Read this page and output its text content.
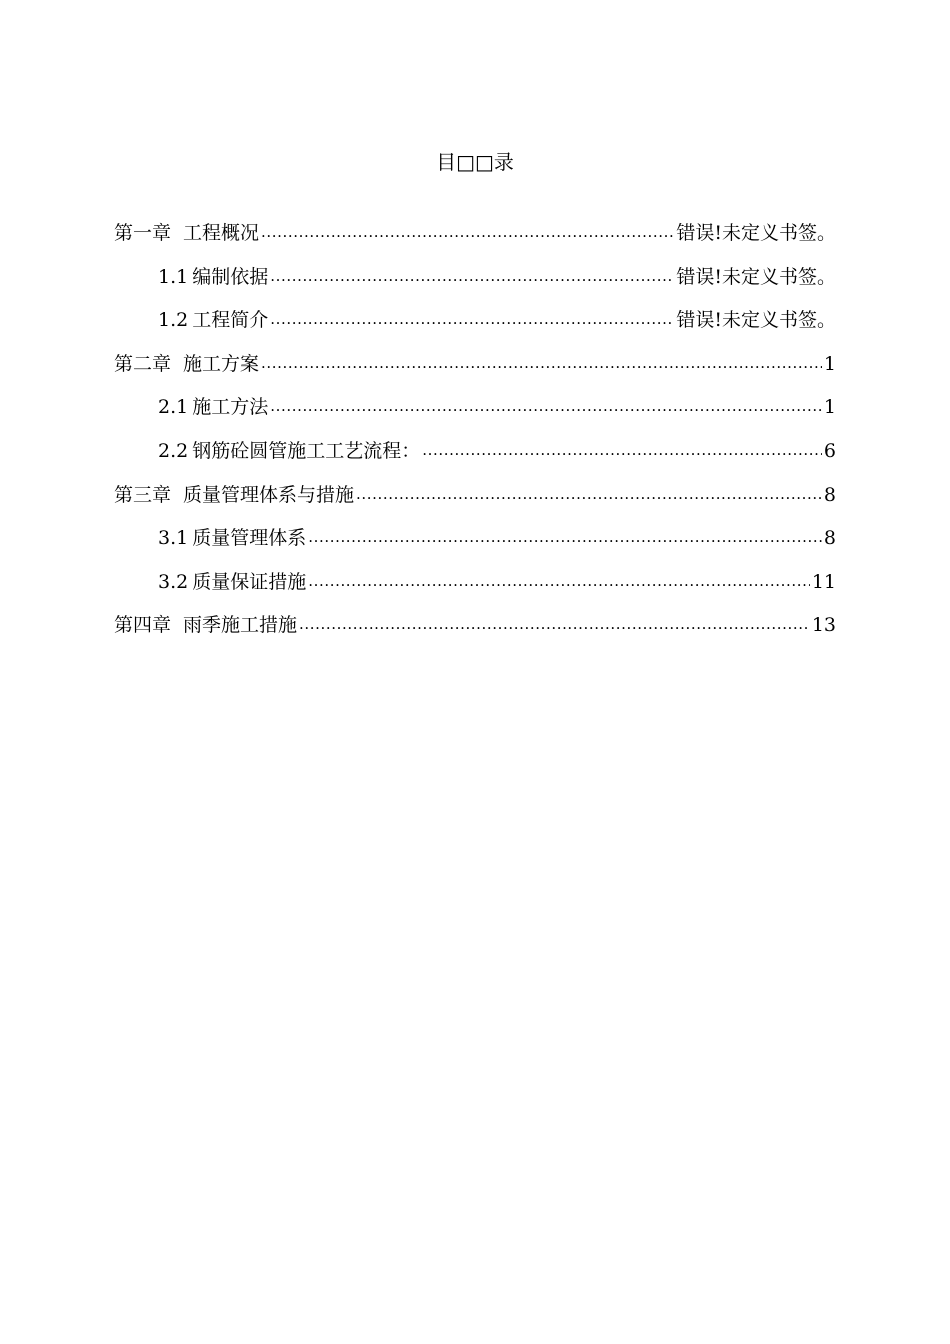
目□□录
第一章 工程概况 .....	错误!未定义书签。
1.1 编制依据 .....	错误!未定义书签。
1.2 工程简介 .....	错误!未定义书签。
第二章 施工方案 .....	1
2.1 施工方法 .....	1
2.2 钢筋砼圆管施工工艺流程： .....	6
第三章 质量管理体系与措施 .....	8
3.1 质量管理体系 .....	8
3.2 质量保证措施 .....	11
第四章 雨季施工措施 .....	13
